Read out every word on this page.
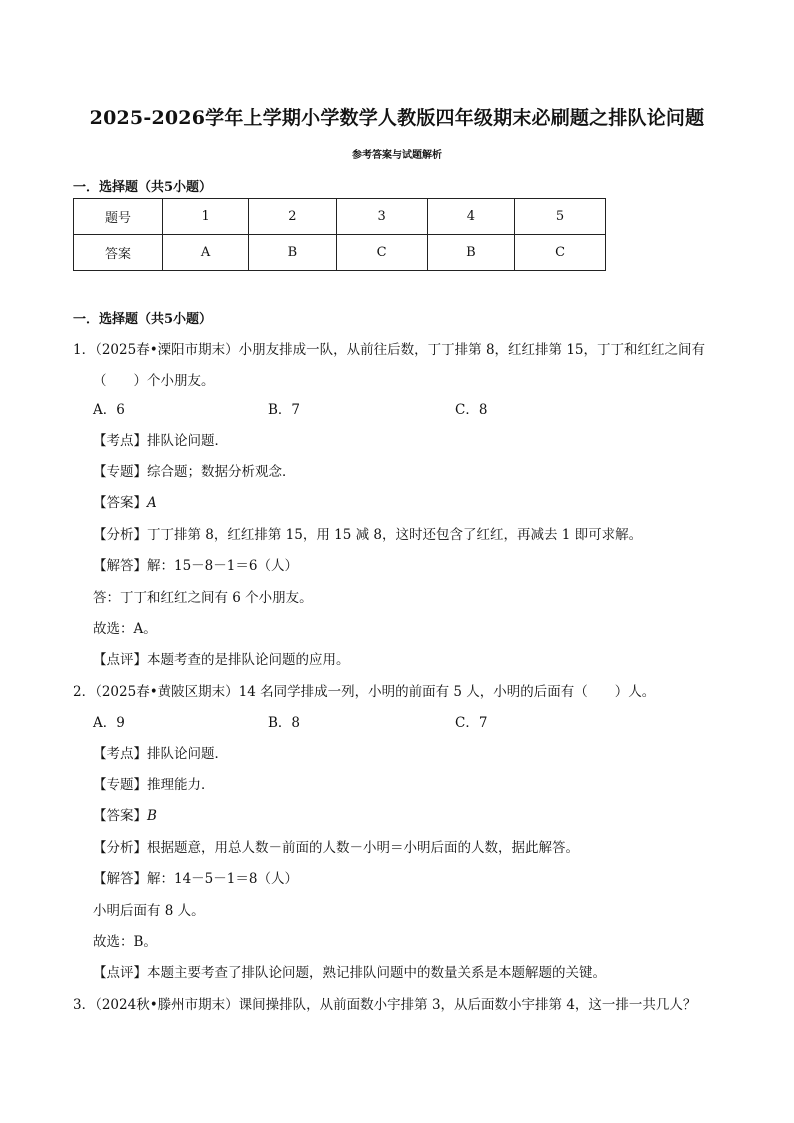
2025-2026学年上学期小学数学人教版四年级期末必刷题之排队论问题
参考答案与试题解析
一．选择题（共5小题）
题号	1	2	3	4	5
答案	A	B	C	B	C
一．选择题（共5小题）
1．（2025春•溧阳市期末）小朋友排成一队，从前往后数，丁丁排第 8，红红排第 15，丁丁和红红之间有
（　　）个小朋友。
A．6	B．7	C．8
【考点】排队论问题．
【专题】综合题；数据分析观念．
【答案】A
【分析】丁丁排第 8，红红排第 15，用 15 减 8，这时还包含了红红，再减去 1 即可求解。
【解答】解：15－8－1＝6（人）
答：丁丁和红红之间有 6 个小朋友。
故选：A。
【点评】本题考查的是排队论问题的应用。
2．（2025春•黄陂区期末）14 名同学排成一列，小明的前面有 5 人，小明的后面有（　　）人。
A．9	B．8	C．7
【考点】排队论问题．
【专题】推理能力．
【答案】B
【分析】根据题意，用总人数－前面的人数－小明＝小明后面的人数，据此解答。
【解答】解：14－5－1＝8（人）
小明后面有 8 人。
故选：B。
【点评】本题主要考查了排队论问题，熟记排队问题中的数量关系是本题解题的关键。
3．（2024秋•滕州市期末）课间操排队，从前面数小宇排第 3，从后面数小宇排第 4，这一排一共几人？
